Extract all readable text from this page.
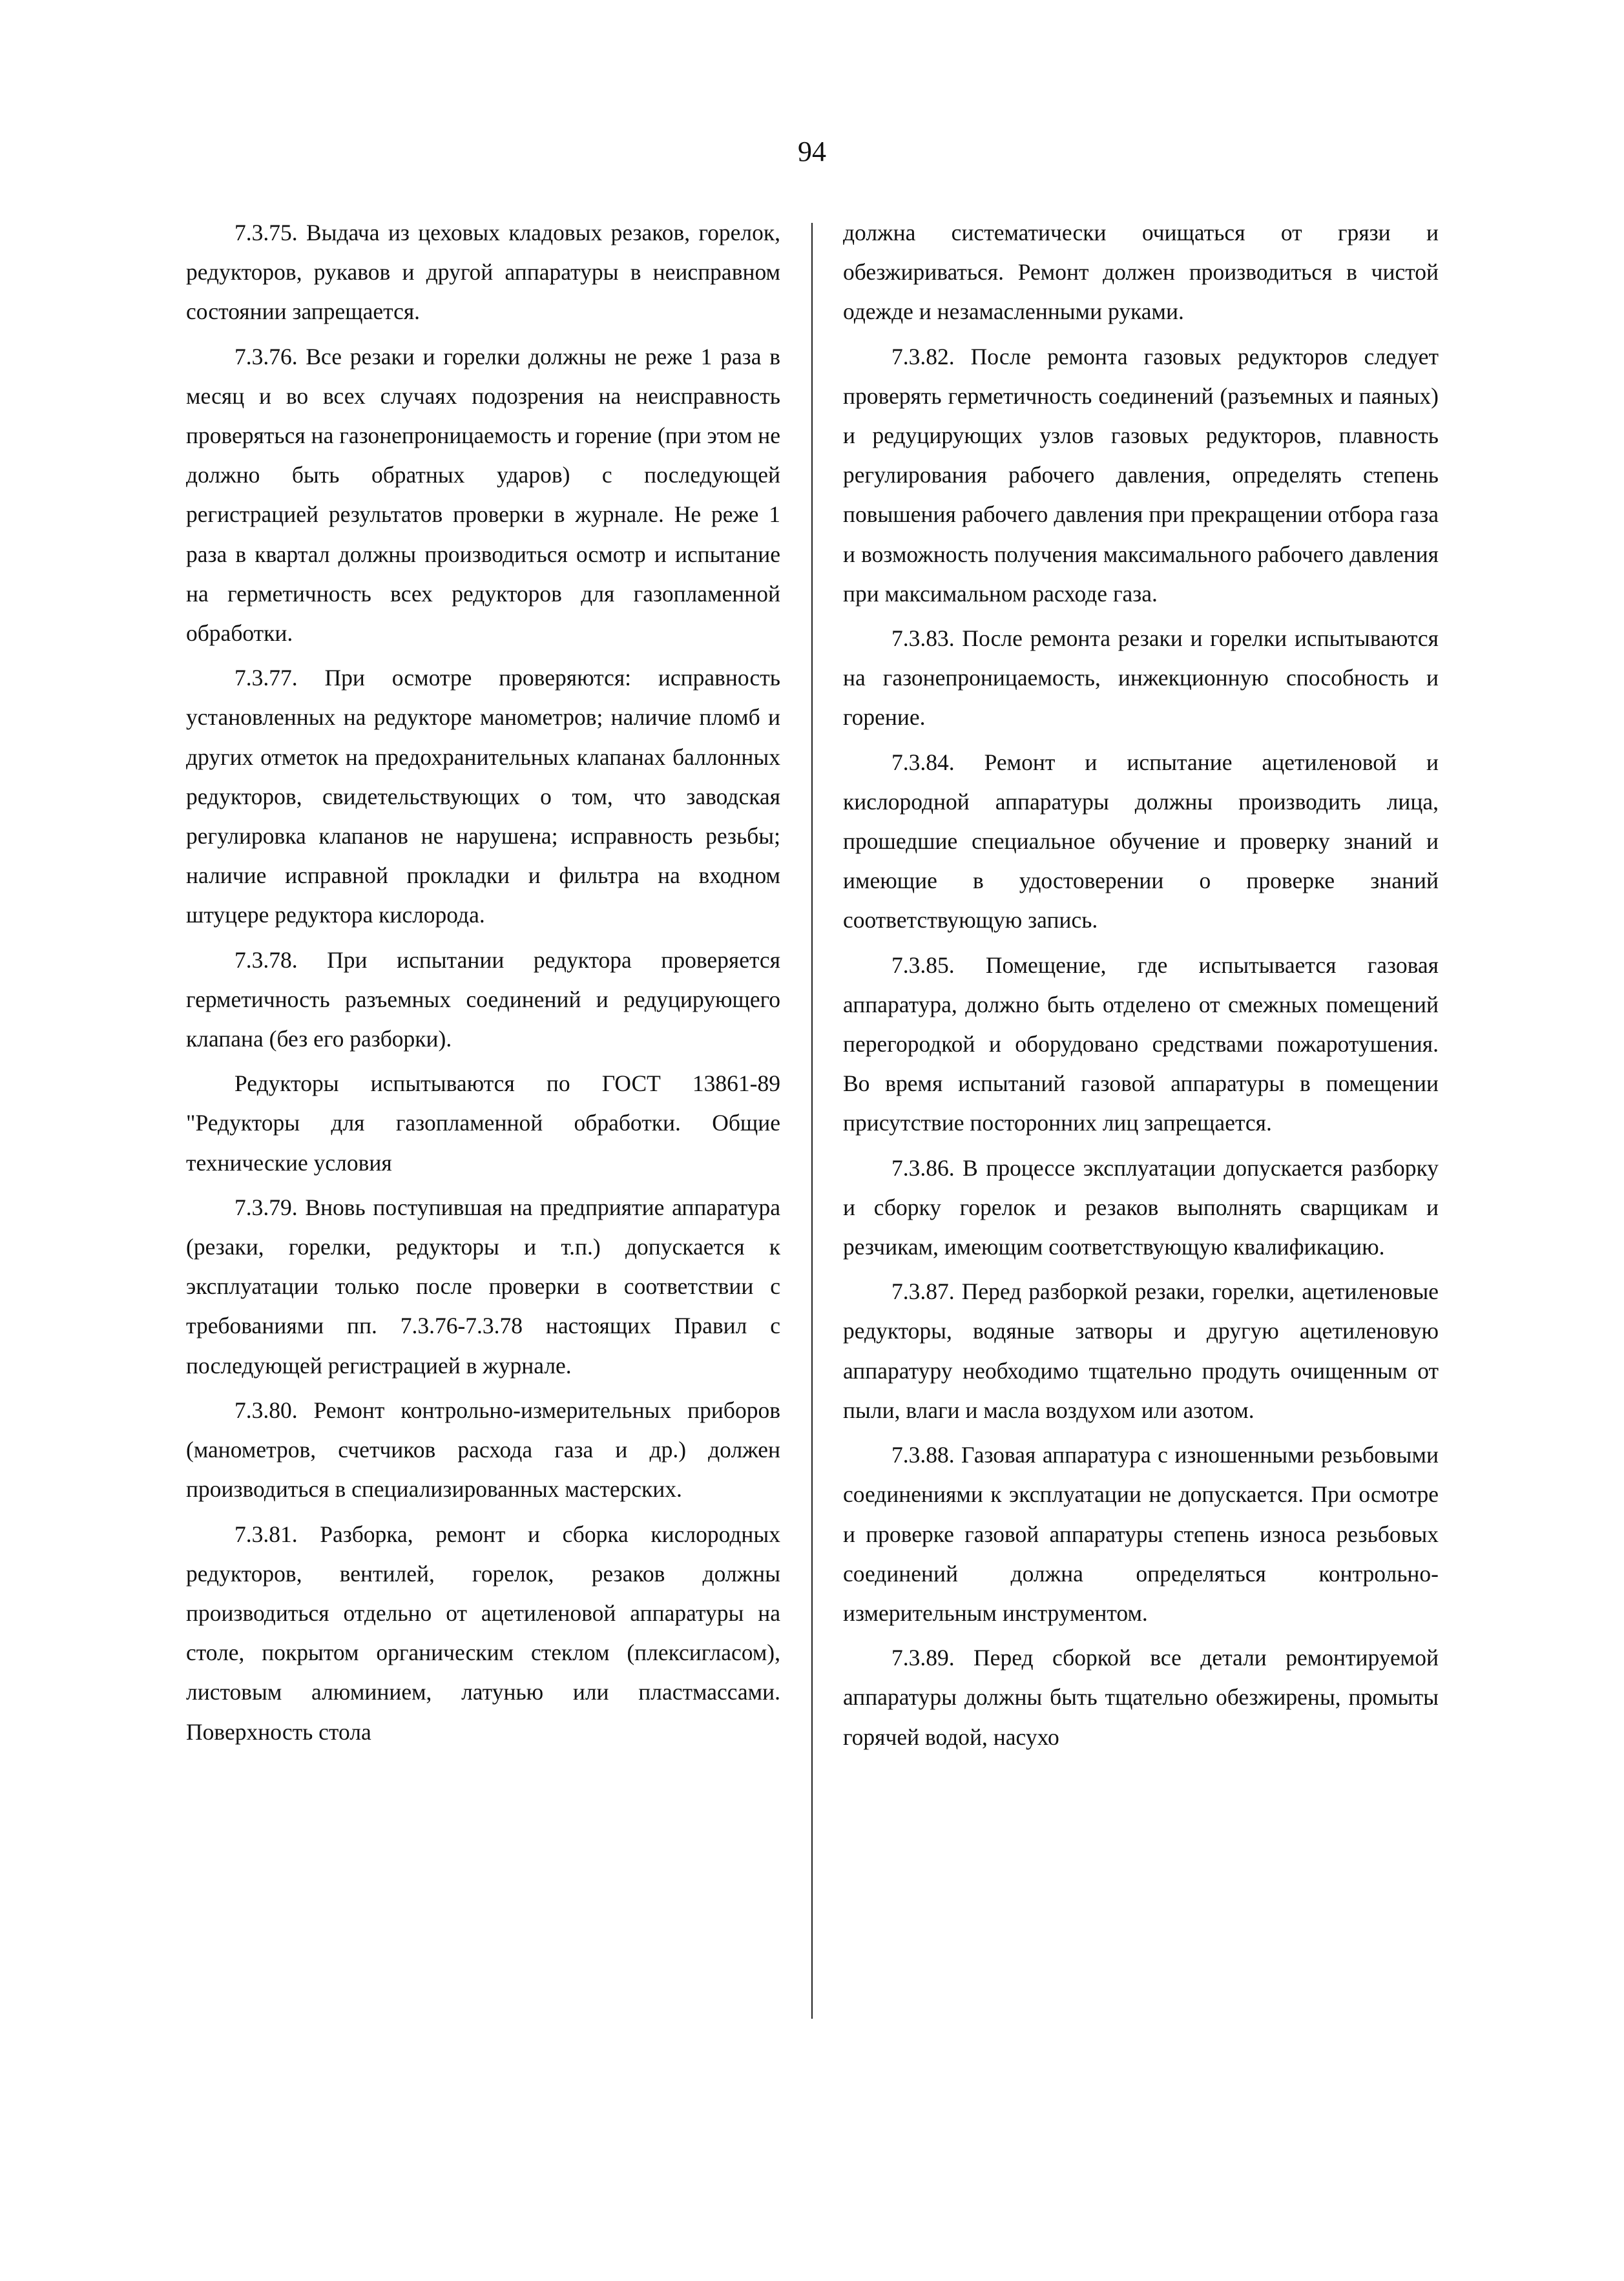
94

7.3.75. Выдача из цеховых кладовых резаков, горелок, редукторов, рукавов и другой аппаратуры в неисправном состоянии запрещается.

7.3.76. Все резаки и горелки должны не реже 1 раза в месяц и во всех случаях подозрения на неисправность проверяться на газонепроницаемость и горение (при этом не должно быть обратных ударов) с последующей регистрацией результатов проверки в журнале. Не реже 1 раза в квартал должны производиться осмотр и испытание на герметичность всех редукторов для газопламенной обработки.

7.3.77. При осмотре проверяются: исправность установленных на редукторе манометров; наличие пломб и других отметок на предохранительных клапанах баллонных редукторов, свидетельствующих о том, что заводская регулировка клапанов не нарушена; исправность резьбы; наличие исправной прокладки и фильтра на входном штуцере редуктора кислорода.

7.3.78. При испытании редуктора проверяется герметичность разъемных соединений и редуцирующего клапана (без его разборки).

Редукторы испытываются по ГОСТ 13861-89 "Редукторы для газопламенной обработки. Общие технические условия

7.3.79. Вновь поступившая на предприятие аппаратура (резаки, горелки, редукторы и т.п.) допускается к эксплуатации только после проверки в соответствии с требованиями пп. 7.3.76-7.3.78 настоящих Правил с последующей регистрацией в журнале.

7.3.80. Ремонт контрольно-измерительных приборов (манометров, счетчиков расхода газа и др.) должен производиться в специализированных мастерских.

7.3.81. Разборка, ремонт и сборка кислородных редукторов, вентилей, горелок, резаков должны производиться отдельно от ацетиленовой аппаратуры на столе, покрытом органическим стеклом (плексигласом), листовым алюминием, латунью или пластмассами. Поверхность стола

должна систематически очищаться от грязи и обезжириваться. Ремонт должен производиться в чистой одежде и незамасленными руками.

7.3.82. После ремонта газовых редукторов следует проверять герметичность соединений (разъемных и паяных) и редуцирующих узлов газовых редукторов, плавность регулирования рабочего давления, определять степень повышения рабочего давления при прекращении отбора газа и возможность получения максимального рабочего давления при максимальном расходе газа.

7.3.83. После ремонта резаки и горелки испытываются на газонепроницаемость, инжекционную способность и горение.

7.3.84. Ремонт и испытание ацетиленовой и кислородной аппаратуры должны производить лица, прошедшие специальное обучение и проверку знаний и имеющие в удостоверении о проверке знаний соответствующую запись.

7.3.85. Помещение, где испытывается газовая аппаратура, должно быть отделено от смежных помещений перегородкой и оборудовано средствами пожаротушения. Во время испытаний газовой аппаратуры в помещении присутствие посторонних лиц запрещается.

7.3.86. В процессе эксплуатации допускается разборку и сборку горелок и резаков выполнять сварщикам и резчикам, имеющим соответствующую квалификацию.

7.3.87. Перед разборкой резаки, горелки, ацетиленовые редукторы, водяные затворы и другую ацетиленовую аппаратуру необходимо тщательно продуть очищенным от пыли, влаги и масла воздухом или азотом.

7.3.88. Газовая аппаратура с изношенными резьбовыми соединениями к эксплуатации не допускается. При осмотре и проверке газовой аппаратуры степень износа резьбовых соединений должна определяться контрольно-измерительным инструментом.

7.3.89. Перед сборкой все детали ремонтируемой аппаратуры должны быть тщательно обезжирены, промыты горячей водой, насухо
